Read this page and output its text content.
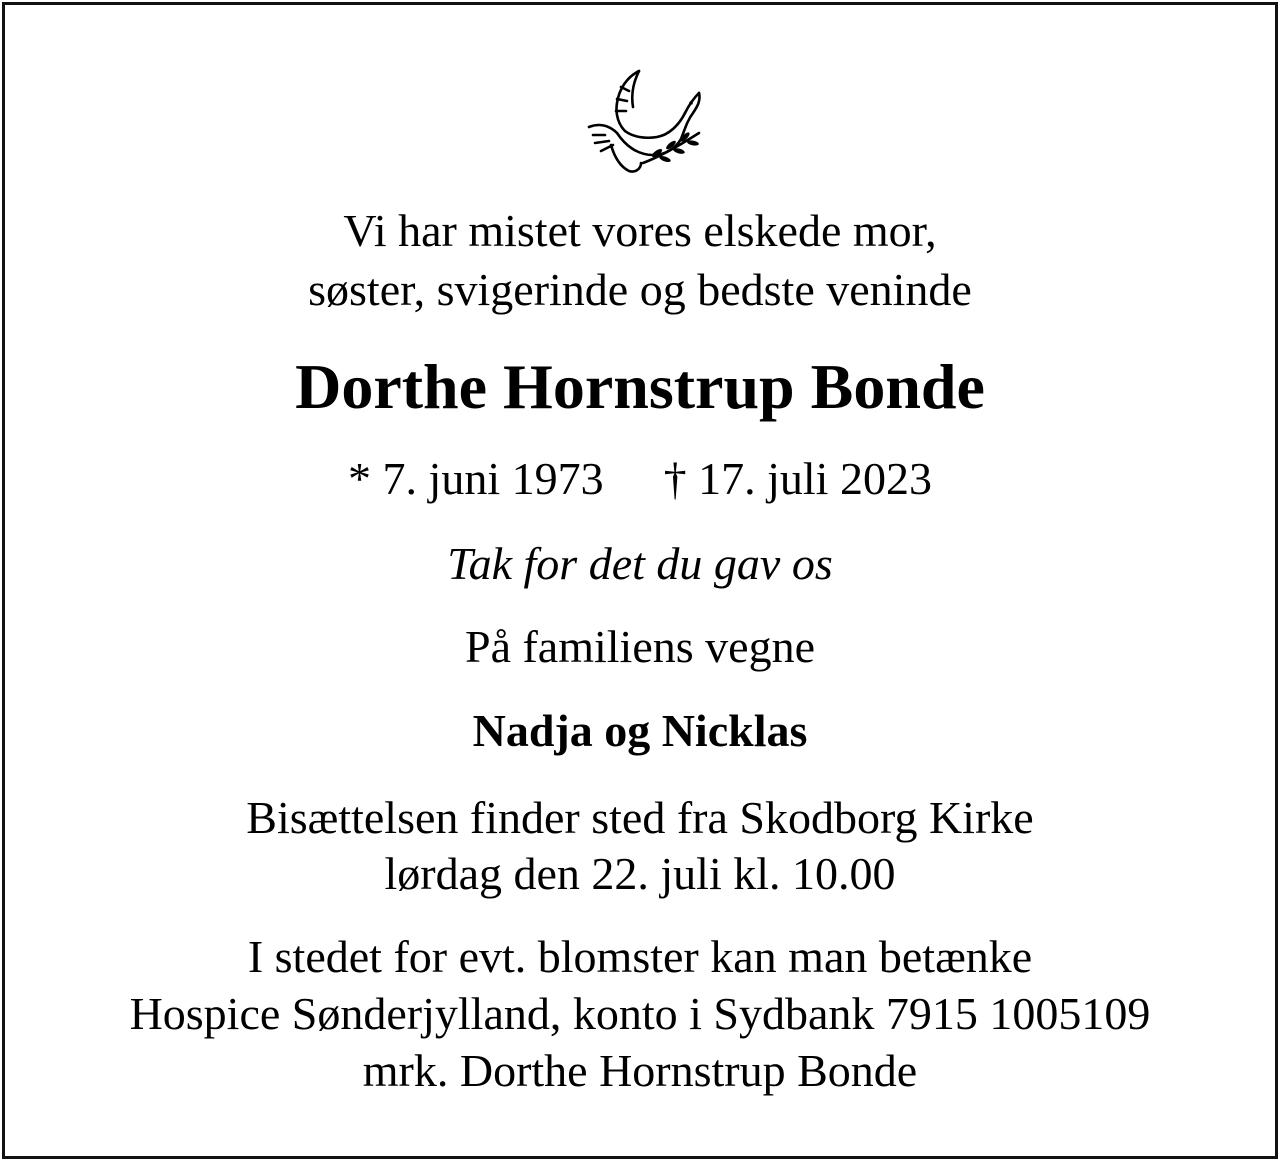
Vi har mistet vores elskede mor,
søster, svigerinde og bedste veninde
Dorthe Hornstrup Bonde
* 7. juni 1973 † 17. juli 2023
Tak for det du gav os
På familiens vegne
Nadja og Nicklas
Bisættelsen finder sted fra Skodborg Kirke
lørdag den 22. juli kl. 10.00
I stedet for evt. blomster kan man betænke
Hospice Sønderjylland, konto i Sydbank 7915 1005109
mrk. Dorthe Hornstrup Bonde
